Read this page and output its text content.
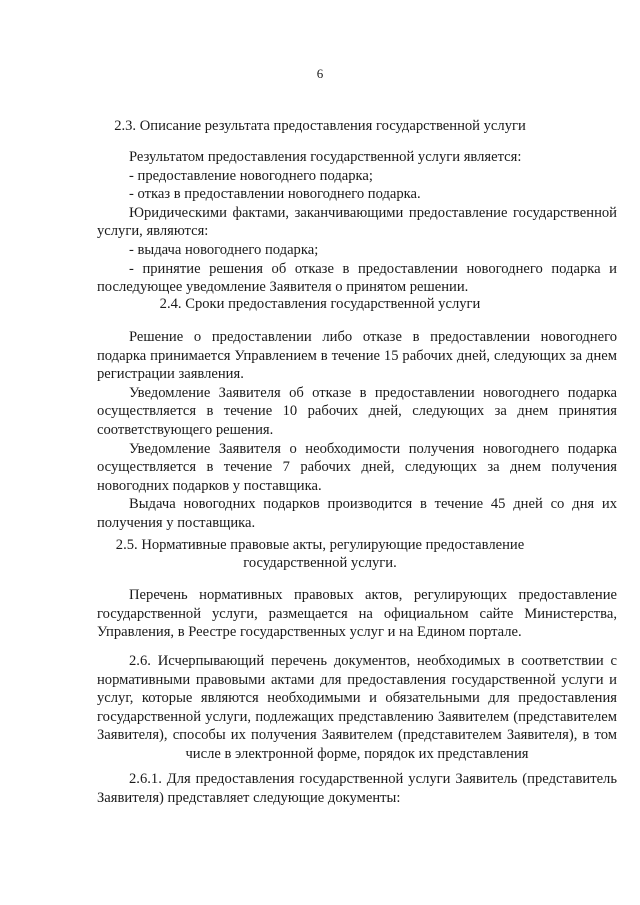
6
2.3. Описание результата предоставления государственной услуги

Результатом предоставления государственной услуги является:

- предоставление новогоднего подарка;

- отказ в предоставлении новогоднего подарка.

Юридическими фактами, заканчивающими предоставление государственной услуги, являются:

- выдача новогоднего подарка;

- принятие решения об отказе в предоставлении новогоднего подарка и последующее уведомление Заявителя о принятом решении.

2.4. Сроки предоставления государственной услуги

Решение о предоставлении либо отказе в предоставлении новогоднего подарка принимается Управлением в течение 15 рабочих дней, следующих за днем регистрации заявления.

Уведомление Заявителя об отказе в предоставлении новогоднего подарка осуществляется в течение 10 рабочих дней, следующих за днем принятия соответствующего решения.

Уведомление Заявителя о необходимости получения новогоднего подарка осуществляется в течение 7 рабочих дней, следующих за днем получения новогодних подарков у поставщика.

Выдача новогодних подарков производится в течение 45 дней со дня их получения у поставщика.

2.5. Нормативные правовые акты, регулирующие предоставление
государственной услуги.

Перечень нормативных правовых актов, регулирующих предоставление государственной услуги, размещается на официальном сайте Министерства, Управления, в Реестре государственных услуг и на Едином портале.

2.6. Исчерпывающий перечень документов, необходимых в соответствии с нормативными правовыми актами для предоставления государственной услуги и услуг, которые являются необходимыми и обязательными для предоставления государственной услуги, подлежащих представлению Заявителем (представителем Заявителя), способы их получения Заявителем (представителем Заявителя), в том числе в электронной форме, порядок их представления

2.6.1. Для предоставления государственной услуги Заявитель (представитель Заявителя) представляет следующие документы:
